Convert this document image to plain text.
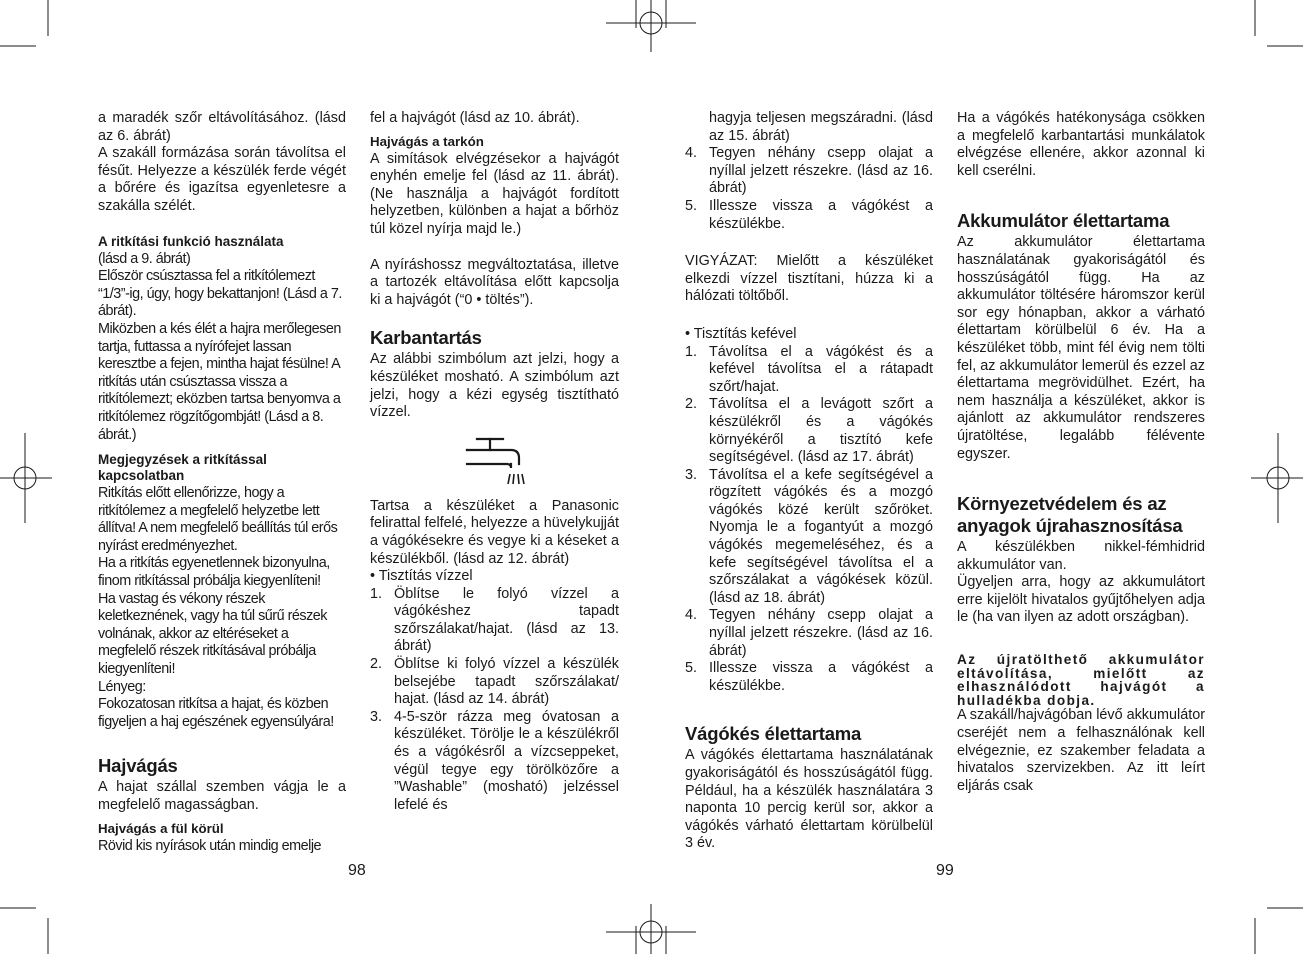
a maradék szőr eltávolításához. (lásd az 6. ábrát)

A szakáll formázása során távolítsa el fésűt. Helyezze a készülék ferde végét a bőrére és igazítsa egyenletesre a szakálla szélét.

A ritkítási funkció használata

(lásd a 9. ábrát)

Először csúsztassa fel a ritkítólemezt “1/3”-ig, úgy, hogy bekattanjon! (Lásd a 7. ábrát).

Miközben a kés élét a hajra merőlegesen tartja, futtassa a nyírófejet lassan keresztbe a fejen, mintha hajat fésülne! A ritkítás után csúsztassa vissza a ritkítólemezt; eközben tartsa benyomva a ritkítólemez rögzítőgombját! (Lásd a 8. ábrát.)

Megjegyzések a ritkítással kapcsolatban

Ritkítás előtt ellenőrizze, hogy a ritkítólemez a megfelelő helyzetbe lett állítva! A nem megfelelő beállítás túl erős nyírást eredményezhet.

Ha a ritkítás egyenetlennek bizonyulna, finom ritkítással próbálja kiegyenlíteni!

Ha vastag és vékony részek keletkeznének, vagy ha túl sűrű részek volnának, akkor az eltéréseket a megfelelő részek ritkításával próbálja kiegyenlíteni!

Lényeg:

Fokozatosan ritkítsa a hajat, és közben figyeljen a haj egészének egyensúlyára!

Hajvágás

A hajat szállal szemben vágja le a megfelelő magasságban.

Hajvágás a fül körül

Rövid kis nyírások után mindig emelje

fel a hajvágót (lásd az 10. ábrát).

Hajvágás a tarkón

A simítások elvégzésekor a hajvágót enyhén emelje fel (lásd az 11. ábrát). (Ne használja a hajvágót fordított helyzetben, különben a hajat a bőrhöz túl közel nyírja majd le.)

A nyíráshossz megváltoztatása, illetve a tartozék eltávolítása előtt kapcsolja ki a hajvágót (“0 • töltés”).

Karbantartás

Az alábbi szimbólum azt jelzi, hogy a készüléket mosható. A szimbólum azt jelzi, hogy a kézi egység tisztítható vízzel.

Tartsa a készüléket a Panasonic felirattal felfelé, helyezze a hüvelykujját a vágókésekre és vegye ki a késeket a készülékből. (lásd az 12. ábrát)

• Tisztítás vízzel

1. Öblítse le folyó vízzel a vágókéshez tapadt szőrszálakat/hajat. (lásd az 13. ábrát)
2. Öblítse ki folyó vízzel a készülék belsejébe tapadt szőrszálakat/ hajat. (lásd az 14. ábrát)
3. 4-5-ször rázza meg óvatosan a készüléket. Törölje le a készülékről és a vágókésről a vízcseppeket, végül tegye egy törölközőre a ”Washable” (mosható) jelzéssel lefelé és
98

hagyja teljesen megszáradni. (lásd az 15. ábrát)

4. Tegyen néhány csepp olajat a nyíllal jelzett részekre. (lásd az 16. ábrát)
5. Illessze vissza a vágókést a készülékbe.

VIGYÁZAT: Mielőtt a készüléket elkezdi vízzel tisztítani, húzza ki a hálózati töltőből.

• Tisztítás kefével

1. Távolítsa el a vágókést és a kefével távolítsa el a rátapadt szőrt/hajat.
2. Távolítsa el a levágott szőrt a készülékről és a vágókés környékéről a tisztító kefe segítségével. (lásd az 17. ábrát)
3. Távolítsa el a kefe segítségével a rögzített vágókés és a mozgó vágókés közé került szőröket. Nyomja le a fogantyút a mozgó vágókés megemeléséhez, és a kefe segítségével távolítsa el a szőrszálakat a vágókések közül. (lásd az 18. ábrát)
4. Tegyen néhány csepp olajat a nyíllal jelzett részekre. (lásd az 16. ábrát)
5. Illessze vissza a vágókést a készülékbe.
Vágókés élettartama

A vágókés élettartama használatának gyakoriságától és hosszúságától függ. Például, ha a készülék használatára 3 naponta 10 percig kerül sor, akkor a vágókés várható élettartam körülbelül 3 év.

99

Ha a vágókés hatékonysága csökken a megfelelő karbantartási munkálatok elvégzése ellenére, akkor azonnal ki kell cserélni.

Akkumulátor élettartama

Az akkumulátor élettartama használatának gyakoriságától és hosszúságától függ. Ha az akkumulátor töltésére háromszor kerül sor egy hónapban, akkor a várható élettartam körülbelül 6 év. Ha a készüléket több, mint fél évig nem tölti fel, az akkumulátor lemerül és ezzel az élettartama megrövidülhet. Ezért, ha nem használja a készüléket, akkor is ajánlott az akkumulátor rendszeres újratöltése, legalább félévente egyszer.

Környezetvédelem és az
anyagok újrahasznosítása

A készülékben nikkel-fémhidrid akkumulátor van.

Ügyeljen arra, hogy az akkumulátort erre kijelölt hivatalos gyűjtőhelyen adja le (ha van ilyen az adott országban).

Az újratölthető akkumulátor eltávolítása, mielőtt az elhasználódott hajvágót a hulladékba dobja.

A szakáll/hajvágóban lévő akkumulátor cseréjét nem a felhasználónak kell elvégeznie, ez szakember feladata a hivatalos szervizekben. Az itt leírt eljárás csak
